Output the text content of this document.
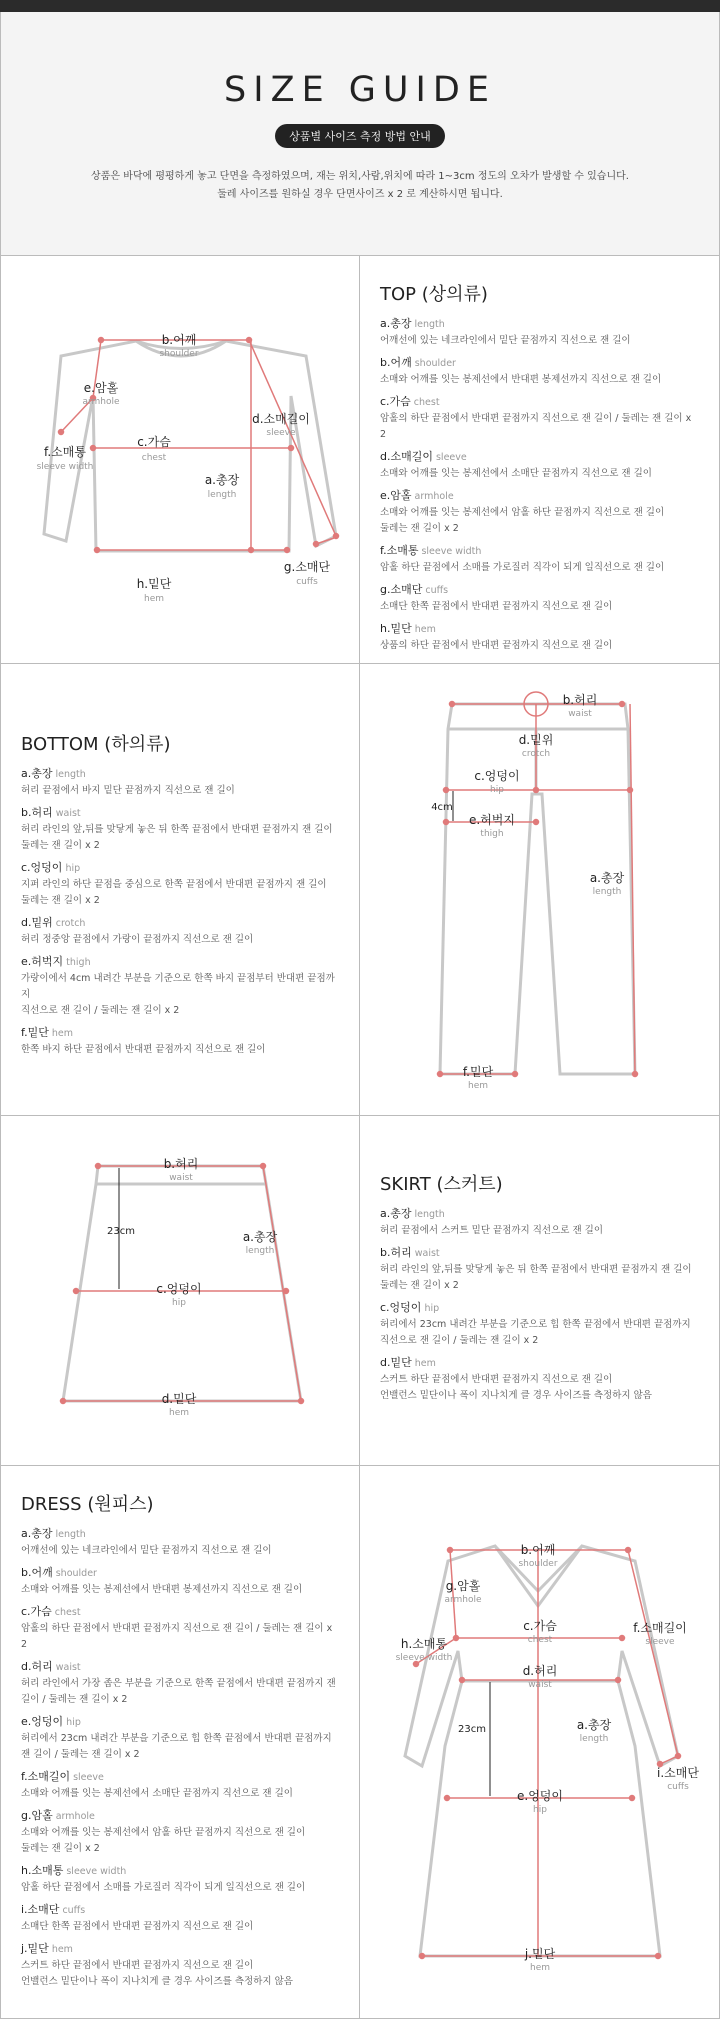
SIZE GUIDE
상품별 사이즈 측정 방법 안내
상품은 바닥에 평평하게 놓고 단면을 측정하였으며, 재는 위치,사람,위치에 따라 1~3cm 정도의 오차가 발생할 수 있습니다.
둘레 사이즈를 원하실 경우 단면사이즈 x 2 로 계산하시면 됩니다.
b.어깨
shoulder
e.암홀
armhole
d.소매길이
sleeve
f.소매통
sleeve width
c.가슴
chest
a.총장
length
g.소매단
cuffs
h.밑단
hem
TOP (상의류)
a.총장 length
어깨선에 있는 네크라인에서 밑단 끝점까지 직선으로 잰 길이
b.어깨 shoulder
소매와 어깨를 잇는 봉제선에서 반대편 봉제선까지 직선으로 잰 길이
c.가슴 chest
암홀의 하단 끝점에서 반대편 끝점까지 직선으로 잰 길이 / 둘레는 잰 길이 x 2
d.소매길이 sleeve
소매와 어깨를 잇는 봉제선에서 소매단 끝점까지 직선으로 잰 길이
e.암홀 armhole
소매와 어깨를 잇는 봉제선에서 암홀 하단 끝점까지 직선으로 잰 길이
둘레는 잰 길이 x 2
f.소매통 sleeve width
암홀 하단 끝점에서 소매를 가로질러 직각이 되게 일직선으로 잰 길이
g.소매단 cuffs
소매단 한쪽 끝점에서 반대편 끝점까지 직선으로 잰 길이
h.밑단 hem
상품의 하단 끝점에서 반대편 끝점까지 직선으로 잰 길이
BOTTOM (하의류)
a.총장 length
허리 끝점에서 바지 밑단 끝점까지 직선으로 잰 길이
b.허리 waist
허리 라인의 앞,뒤를 맞닿게 놓은 뒤 한쪽 끝점에서 반대편 끝점까지 잰 길이
둘레는 잰 길이 x 2
c.엉덩이 hip
지퍼 라인의 하단 끝점을 중심으로 한쪽 끝점에서 반대편 끝점까지 잰 길이
둘레는 잰 길이 x 2
d.밑위 crotch
허리 정중앙 끝점에서 가랑이 끝점까지 직선으로 잰 길이
e.허벅지 thigh
가랑이에서 4cm 내려간 부분을 기준으로 한쪽 바지 끝점부터 반대편 끝점까지
직선으로 잰 길이 / 둘레는 잰 길이 x 2
f.밑단 hem
한쪽 바지 하단 끝점에서 반대편 끝점까지 직선으로 잰 길이
b.허리
waist
d.밑위
crotch
c.엉덩이
hip
4cm
e.허벅지
thigh
a.총장
length
f.밑단
hem
b.허리
waist
23cm	a.총장
length
c.엉덩이
hip
d.밑단
hem
SKIRT (스커트)
a.총장 length
허리 끝점에서 스커트 밑단 끝점까지 직선으로 잰 길이
b.허리 waist
허리 라인의 앞,뒤를 맞닿게 놓은 뒤 한쪽 끝점에서 반대편 끝점까지 잰 길이
둘레는 잰 길이 x 2
c.엉덩이 hip
허리에서 23cm 내려간 부분을 기준으로 힙 한쪽 끝점에서 반대편 끝점까지
직선으로 잰 길이 / 둘레는 잰 길이 x 2
d.밑단 hem
스커트 하단 끝점에서 반대편 끝점까지 직선으로 잰 길이
언밸런스 밑단이나 폭이 지나치게 클 경우 사이즈를 측정하지 않음
DRESS (원피스)
a.총장 length
어깨선에 있는 네크라인에서 밑단 끝점까지 직선으로 잰 길이
b.어깨 shoulder
소매와 어깨를 잇는 봉제선에서 반대편 봉제선까지 직선으로 잰 길이
c.가슴 chest
암홀의 하단 끝점에서 반대편 끝점까지 직선으로 잰 길이 / 둘레는 잰 길이 x 2
d.허리 waist
허리 라인에서 가장 좁은 부분을 기준으로 한쪽 끝점에서 반대편 끝점까지 잰
길이 / 둘레는 잰 길이 x 2
e.엉덩이 hip
허리에서 23cm 내려간 부분을 기준으로 힙 한쪽 끝점에서 반대편 끝점까지
잰 길이 / 둘레는 잰 길이 x 2
f.소매길이 sleeve
소매와 어깨를 잇는 봉제선에서 소매단 끝점까지 직선으로 잰 길이
g.암홀 armhole
소매와 어깨를 잇는 봉제선에서 암홀 하단 끝점까지 직선으로 잰 길이
둘레는 잰 길이 x 2
h.소매통 sleeve width
암홀 하단 끝점에서 소매를 가로질러 직각이 되게 일직선으로 잰 길이
i.소매단 cuffs
소매단 한쪽 끝점에서 반대편 끝점까지 직선으로 잰 길이
j.밑단 hem
스커트 하단 끝점에서 반대편 끝점까지 직선으로 잰 길이
언밸런스 밑단이나 폭이 지나치게 클 경우 사이즈를 측정하지 않음
b.어깨
shoulder
g.암홀
armhole
h.소매통
sleeve width
c.가슴
chest
f.소매길이
sleeve
d.허리
waist
23cm	a.총장
length
i.소매단
cuffs
e.엉덩이
hip
j.밑단
hem
